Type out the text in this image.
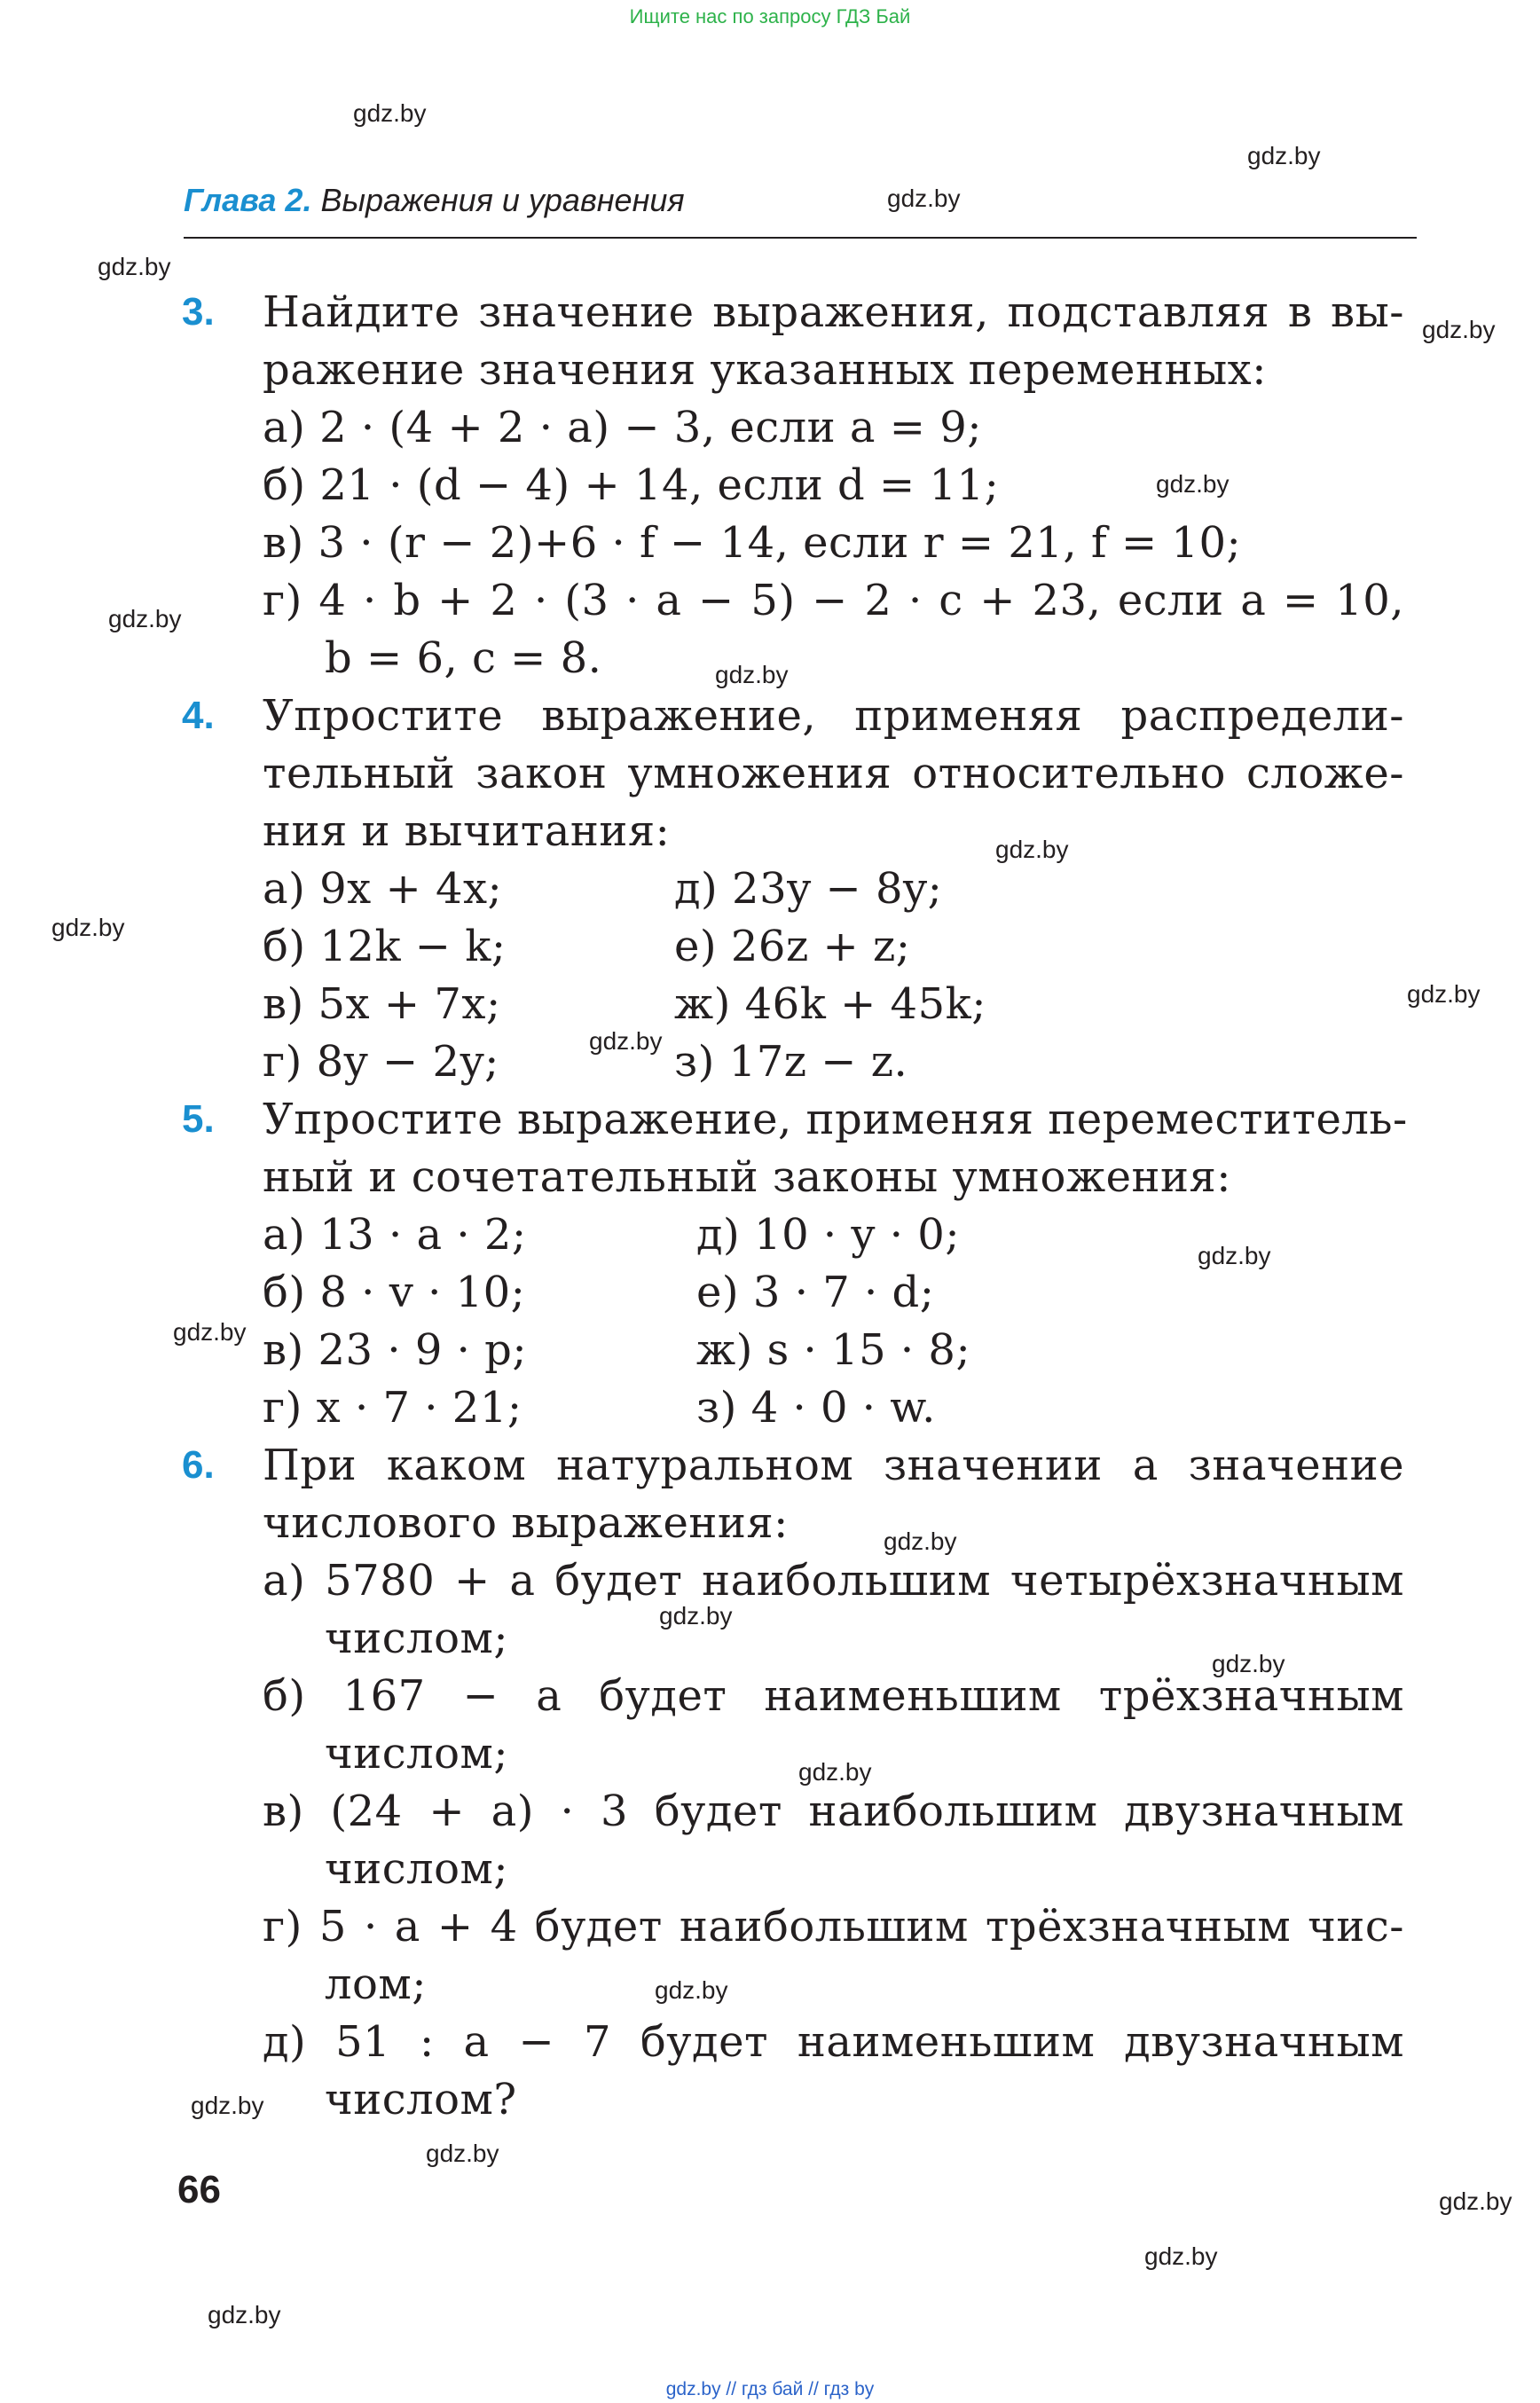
Ищите нас по запросу ГДЗ Бай
gdz.by
gdz.by
gdz.by
gdz.by
gdz.by
gdz.by
gdz.by
gdz.by
gdz.by
gdz.by
gdz.by
gdz.by
gdz.by
gdz.by
gdz.by
gdz.by
gdz.by
gdz.by
gdz.by
gdz.by
gdz.by
gdz.by
gdz.by
gdz.by
Глава 2. Выражения и уравнения
3. Найдите значение выражения, подставляя в вы-
ражение значения указанных переменных:
а) 2 · (4 + 2 · a) − 3, если a = 9;
б) 21 · (d − 4) + 14, если d = 11;
в) 3 · (r − 2)+6 · f − 14, если r = 21, f = 10;
г) 4 · b + 2 · (3 · a − 5) − 2 · c + 23, если a = 10,
b = 6, c = 8.
4. Упростите выражение, применяя распредели-
тельный закон умножения относительно сложе-
ния и вычитания:
а) 9x + 4x;
б) 12k − k;
в) 5x + 7x;
г) 8y − 2y;
д) 23y − 8y;
е) 26z + z;
ж) 46k + 45k;
з) 17z − z.
5. Упростите выражение, применяя переместитель-
ный и сочетательный законы умножения:
а) 13 · a · 2;
б) 8 · v · 10;
в) 23 · 9 · p;
г) x · 7 · 21;
д) 10 · y · 0;
е) 3 · 7 · d;
ж) s · 15 · 8;
з) 4 · 0 · w.
6. При каком натуральном значении a значение
числового выражения:
а) 5780 + a будет наибольшим четырёхзначным
числом;
б) 167 − a будет наименьшим трёхзначным
числом;
в) (24 + a) · 3 будет наибольшим двузначным
числом;
г) 5 · a + 4 будет наибольшим трёхзначным чис-
лом;
д) 51 : a − 7 будет наименьшим двузначным
числом?
66
gdz.by // гдз бай // гдз by
